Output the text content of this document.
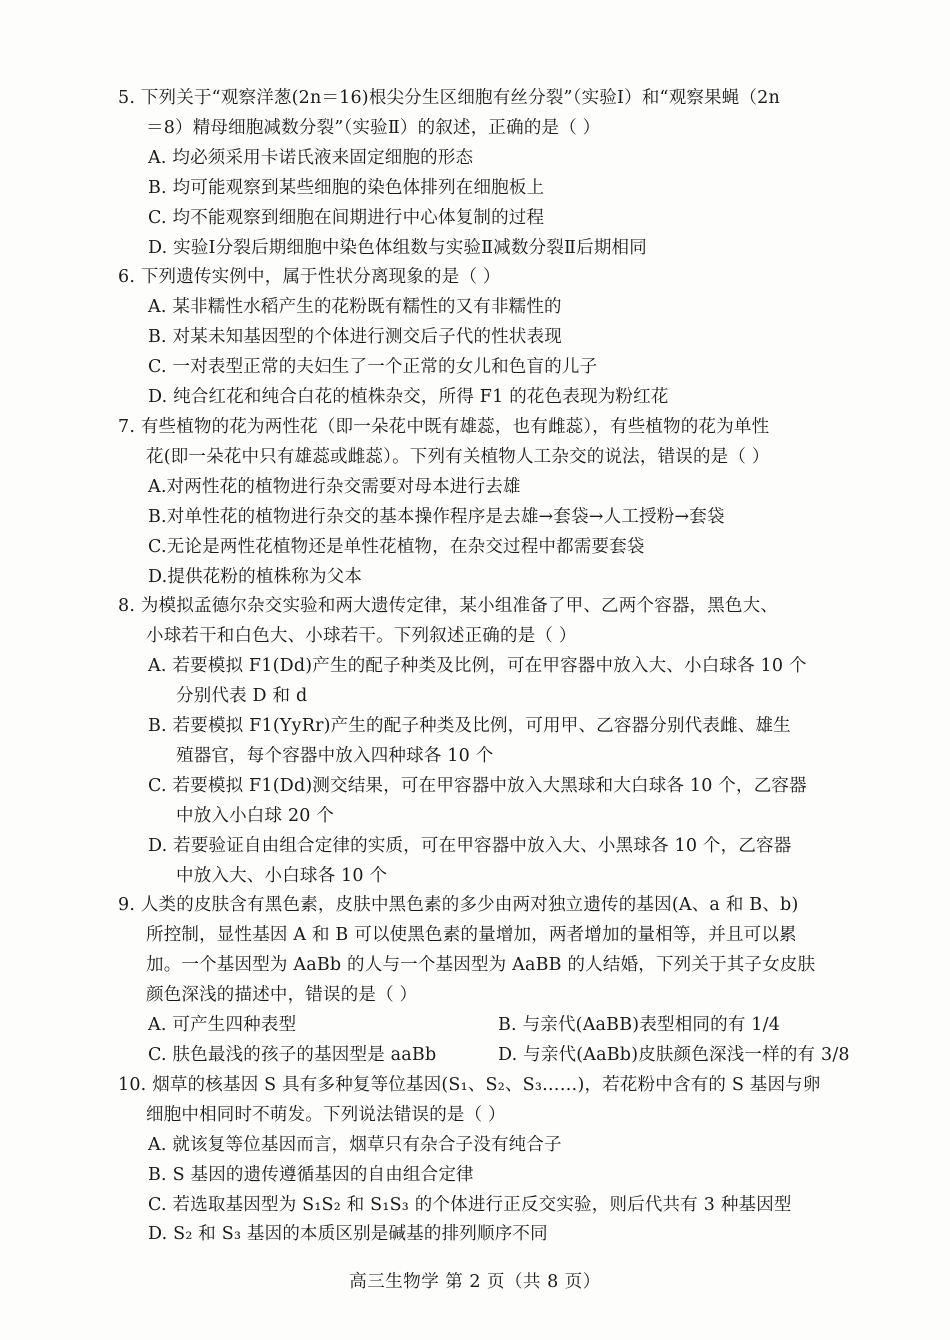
5. 下列关于“观察洋葱(2n＝16)根尖分生区细胞有丝分裂”（实验Ⅰ）和“观察果蝇（2n
＝8）精母细胞减数分裂”（实验Ⅱ）的叙述，正确的是（ ）
A. 均必须采用卡诺氏液来固定细胞的形态
B. 均可能观察到某些细胞的染色体排列在细胞板上
C. 均不能观察到细胞在间期进行中心体复制的过程
D. 实验Ⅰ分裂后期细胞中染色体组数与实验Ⅱ减数分裂Ⅱ后期相同
6. 下列遗传实例中，属于性状分离现象的是（ ）
A. 某非糯性水稻产生的花粉既有糯性的又有非糯性的
B. 对某未知基因型的个体进行测交后子代的性状表现
C. 一对表型正常的夫妇生了一个正常的女儿和色盲的儿子
D. 纯合红花和纯合白花的植株杂交，所得 F1 的花色表现为粉红花
7. 有些植物的花为两性花（即一朵花中既有雄蕊，也有雌蕊），有些植物的花为单性
花(即一朵花中只有雄蕊或雌蕊）。下列有关植物人工杂交的说法，错误的是（ ）
A.对两性花的植物进行杂交需要对母本进行去雄
B.对单性花的植物进行杂交的基本操作程序是去雄→套袋→人工授粉→套袋
C.无论是两性花植物还是单性花植物，在杂交过程中都需要套袋
D.提供花粉的植株称为父本
8. 为模拟孟德尔杂交实验和两大遗传定律，某小组准备了甲、乙两个容器，黑色大、
小球若干和白色大、小球若干。下列叙述正确的是（ ）
A. 若要模拟 F1(Dd)产生的配子种类及比例，可在甲容器中放入大、小白球各 10 个
分别代表 D 和 d
B. 若要模拟 F1(YyRr)产生的配子种类及比例，可用甲、乙容器分别代表雌、雄生
殖器官，每个容器中放入四种球各 10 个
C. 若要模拟 F1(Dd)测交结果，可在甲容器中放入大黑球和大白球各 10 个，乙容器
中放入小白球 20 个
D. 若要验证自由组合定律的实质，可在甲容器中放入大、小黑球各 10 个，乙容器
中放入大、小白球各 10 个
9. 人类的皮肤含有黑色素，皮肤中黑色素的多少由两对独立遗传的基因(A、a 和 B、b)
所控制，显性基因 A 和 B 可以使黑色素的量增加，两者增加的量相等，并且可以累
加。一个基因型为 AaBb 的人与一个基因型为 AaBB 的人结婚，下列关于其子女皮肤
颜色深浅的描述中，错误的是（ ）
A. 可产生四种表型	B. 与亲代(AaBB)表型相同的有 1/4
C. 肤色最浅的孩子的基因型是 aaBb	D. 与亲代(AaBb)皮肤颜色深浅一样的有 3/8
10. 烟草的核基因 S 具有多种复等位基因(S₁、S₂、S₃……)，若花粉中含有的 S 基因与卵
细胞中相同时不萌发。下列说法错误的是（ ）
A. 就该复等位基因而言，烟草只有杂合子没有纯合子
B. S 基因的遗传遵循基因的自由组合定律
C. 若选取基因型为 S₁S₂ 和 S₁S₃ 的个体进行正反交实验，则后代共有 3 种基因型
D. S₂ 和 S₃ 基因的本质区别是碱基的排列顺序不同
高三生物学 第 2 页（共 8 页）
